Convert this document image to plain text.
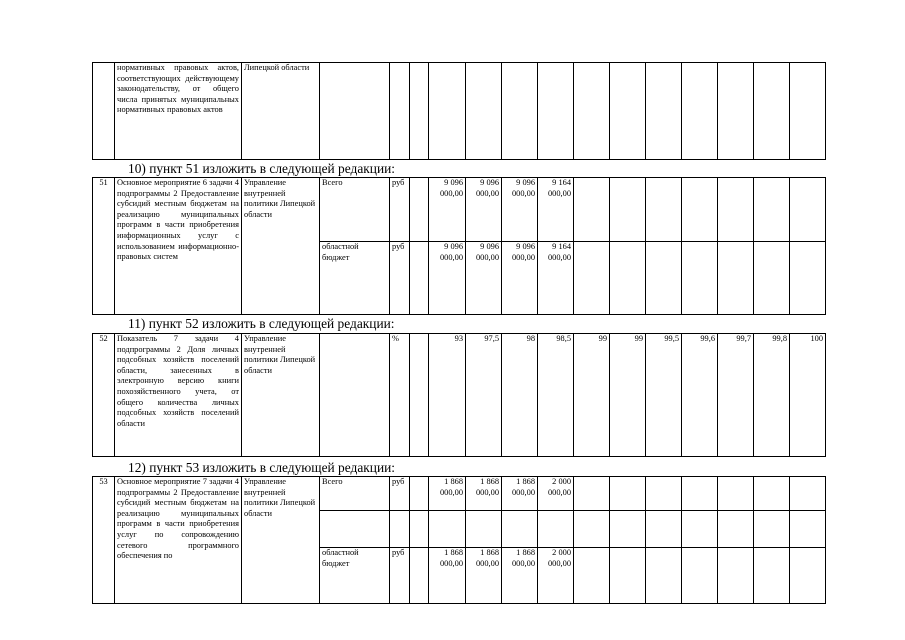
	нормативных правовых актов, соответствующих действующему законодательству, от общего числа принятых муниципальных нормативных правовых актов	Липецкой области														
10) пункт 51 изложить в следующей редакции:
51	Основное мероприятие 6 задачи 4 подпрограммы 2 Предоставление субсидий местным бюджетам на реализацию муниципальных программ в части приобретения информационных услуг с использованием информационно-правовых систем	Управление внутренней политики Липецкой области	Всего	руб		9 096 000,00	9 096 000,00	9 096 000,00	9 164 000,00							
			областной бюджет	руб		9 096 000,00	9 096 000,00	9 096 000,00	9 164 000,00							
11) пункт 52 изложить в следующей редакции:
52	Показатель 7 задачи 4 подпрограммы 2 Доля личных подсобных хозяйств поселений области, занесенных в электронную версию книги похозяйственного учета, от общего количества личных подсобных хозяйств поселений области	Управление внутренней политики Липецкой области		%		93	97,5	98	98,5	99	99	99,5	99,6	99,7	99,8	100
12) пункт 53 изложить в следующей редакции:
53	Основное мероприятие 7 задачи 4 подпрограммы 2 Предоставление субсидий местным бюджетам на реализацию муниципальных программ в части приобретения услуг по сопровождению сетевого программного обеспечения по	Управление внутренней политики Липецкой области	Всего	руб		1 868 000,00	1 868 000,00	1 868 000,00	2 000 000,00							

			областной бюджет	руб		1 868 000,00	1 868 000,00	1 868 000,00	2 000 000,00							
